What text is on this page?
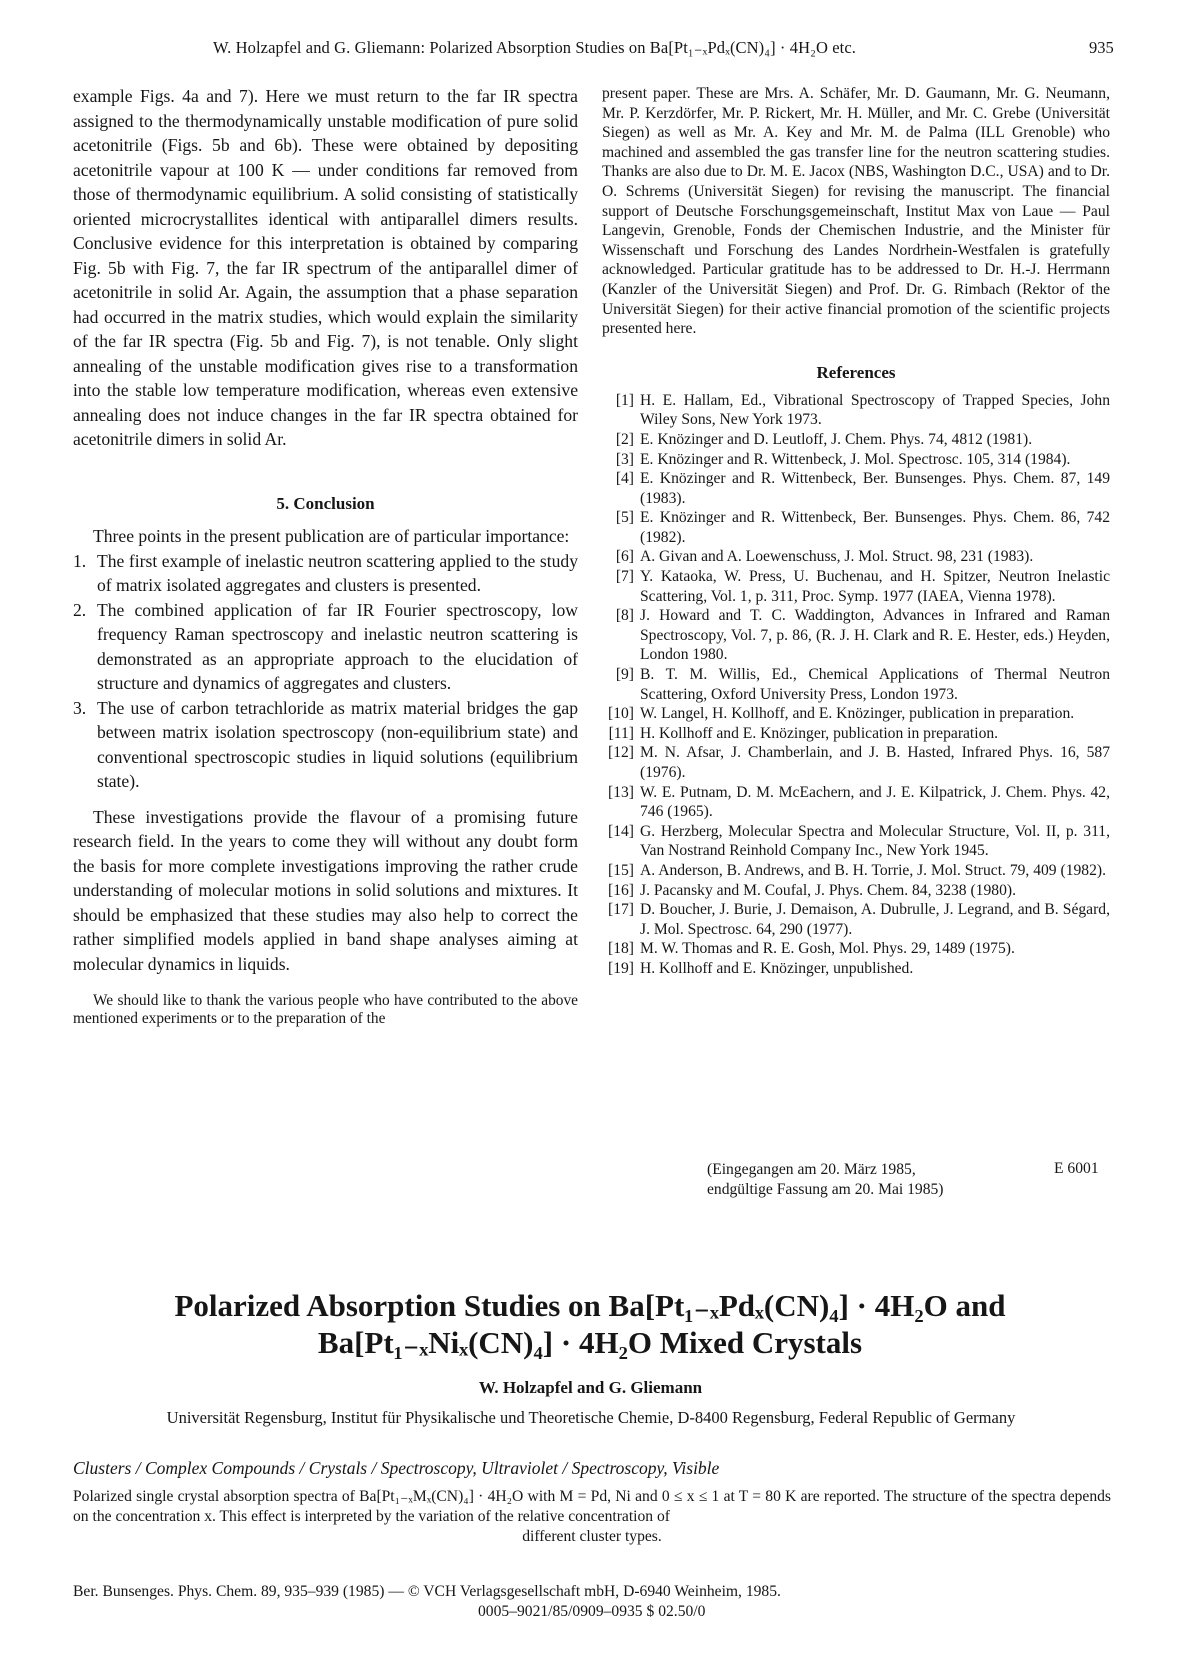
W. Holzapfel and G. Gliemann: Polarized Absorption Studies on Ba[Pt₁₋ₓPdₓ(CN)₄] · 4H₂O etc.	935

example Figs. 4a and 7). Here we must return to the far IR spectra assigned to the thermodynamically unstable modification of pure solid acetonitrile (Figs. 5b and 6b). These were obtained by depositing acetonitrile vapour at 100 K — under conditions far removed from those of thermodynamic equilibrium. A solid consisting of statistically oriented microcrystallites identical with antiparallel dimers results. Conclusive evidence for this interpretation is obtained by comparing Fig. 5b with Fig. 7, the far IR spectrum of the antiparallel dimer of acetonitrile in solid Ar. Again, the assumption that a phase separation had occurred in the matrix studies, which would explain the similarity of the far IR spectra (Fig. 5b and Fig. 7), is not tenable. Only slight annealing of the unstable modification gives rise to a transformation into the stable low temperature modification, whereas even extensive annealing does not induce changes in the far IR spectra obtained for acetonitrile dimers in solid Ar.

5. Conclusion

Three points in the present publication are of particular importance:

1. The first example of inelastic neutron scattering applied to the study of matrix isolated aggregates and clusters is presented.
2. The combined application of far IR Fourier spectroscopy, low frequency Raman spectroscopy and inelastic neutron scattering is demonstrated as an appropriate approach to the elucidation of structure and dynamics of aggregates and clusters.
3. The use of carbon tetrachloride as matrix material bridges the gap between matrix isolation spectroscopy (non-equilibrium state) and conventional spectroscopic studies in liquid solutions (equilibrium state).

These investigations provide the flavour of a promising future research field. In the years to come they will without any doubt form the basis for more complete investigations improving the rather crude understanding of molecular motions in solid solutions and mixtures. It should be emphasized that these studies may also help to correct the rather simplified models applied in band shape analyses aiming at molecular dynamics in liquids.

We should like to thank the various people who have contributed to the above mentioned experiments or to the preparation of the

present paper. These are Mrs. A. Schäfer, Mr. D. Gaumann, Mr. G. Neumann, Mr. P. Kerzdörfer, Mr. P. Rickert, Mr. H. Müller, and Mr. C. Grebe (Universität Siegen) as well as Mr. A. Key and Mr. M. de Palma (ILL Grenoble) who machined and assembled the gas transfer line for the neutron scattering studies. Thanks are also due to Dr. M. E. Jacox (NBS, Washington D.C., USA) and to Dr. O. Schrems (Universität Siegen) for revising the manuscript. The financial support of Deutsche Forschungsgemeinschaft, Institut Max von Laue — Paul Langevin, Grenoble, Fonds der Chemischen Industrie, and the Minister für Wissenschaft und Forschung des Landes Nordrhein-Westfalen is gratefully acknowledged. Particular gratitude has to be addressed to Dr. H.-J. Herrmann (Kanzler of the Universität Siegen) and Prof. Dr. G. Rimbach (Rektor of the Universität Siegen) for their active financial promotion of the scientific projects presented here.

References

[1] H. E. Hallam, Ed., Vibrational Spectroscopy of Trapped Species, John Wiley Sons, New York 1973.
[2] E. Knözinger and D. Leutloff, J. Chem. Phys. 74, 4812 (1981).
[3] E. Knözinger and R. Wittenbeck, J. Mol. Spectrosc. 105, 314 (1984).
[4] E. Knözinger and R. Wittenbeck, Ber. Bunsenges. Phys. Chem. 87, 149 (1983).
[5] E. Knözinger and R. Wittenbeck, Ber. Bunsenges. Phys. Chem. 86, 742 (1982).
[6] A. Givan and A. Loewenschuss, J. Mol. Struct. 98, 231 (1983).
[7] Y. Kataoka, W. Press, U. Buchenau, and H. Spitzer, Neutron Inelastic Scattering, Vol. 1, p. 311, Proc. Symp. 1977 (IAEA, Vienna 1978).
[8] J. Howard and T. C. Waddington, Advances in Infrared and Raman Spectroscopy, Vol. 7, p. 86, (R. J. H. Clark and R. E. Hester, eds.) Heyden, London 1980.
[9] B. T. M. Willis, Ed., Chemical Applications of Thermal Neutron Scattering, Oxford University Press, London 1973.
[10] W. Langel, H. Kollhoff, and E. Knözinger, publication in preparation.
[11] H. Kollhoff and E. Knözinger, publication in preparation.
[12] M. N. Afsar, J. Chamberlain, and J. B. Hasted, Infrared Phys. 16, 587 (1976).
[13] W. E. Putnam, D. M. McEachern, and J. E. Kilpatrick, J. Chem. Phys. 42, 746 (1965).
[14] G. Herzberg, Molecular Spectra and Molecular Structure, Vol. II, p. 311, Van Nostrand Reinhold Company Inc., New York 1945.
[15] A. Anderson, B. Andrews, and B. H. Torrie, J. Mol. Struct. 79, 409 (1982).
[16] J. Pacansky and M. Coufal, J. Phys. Chem. 84, 3238 (1980).
[17] D. Boucher, J. Burie, J. Demaison, A. Dubrulle, J. Legrand, and B. Ségard, J. Mol. Spectrosc. 64, 290 (1977).
[18] M. W. Thomas and R. E. Gosh, Mol. Phys. 29, 1489 (1975).
[19] H. Kollhoff and E. Knözinger, unpublished.
(Eingegangen am 20. März 1985,
endgültige Fassung am 20. Mai 1985)
E 6001
Polarized Absorption Studies on Ba[Pt₁₋ₓPdₓ(CN)₄] · 4H₂O and
Ba[Pt₁₋ₓNiₓ(CN)₄] · 4H₂O Mixed Crystals
W. Holzapfel and G. Gliemann
Universität Regensburg, Institut für Physikalische und Theoretische Chemie, D-8400 Regensburg, Federal Republic of Germany
Clusters / Complex Compounds / Crystals / Spectroscopy, Ultraviolet / Spectroscopy, Visible
Polarized single crystal absorption spectra of Ba[Pt₁₋ₓMₓ(CN)₄] · 4H₂O with M = Pd, Ni and 0 ≤ x ≤ 1 at T = 80 K are reported. The structure of the spectra depends on the concentration x. This effect is interpreted by the variation of the relative concentration of
different cluster types.
Ber. Bunsenges. Phys. Chem. 89, 935–939 (1985) — © VCH Verlagsgesellschaft mbH, D-6940 Weinheim, 1985.
0005–9021/85/0909–0935 $ 02.50/0
